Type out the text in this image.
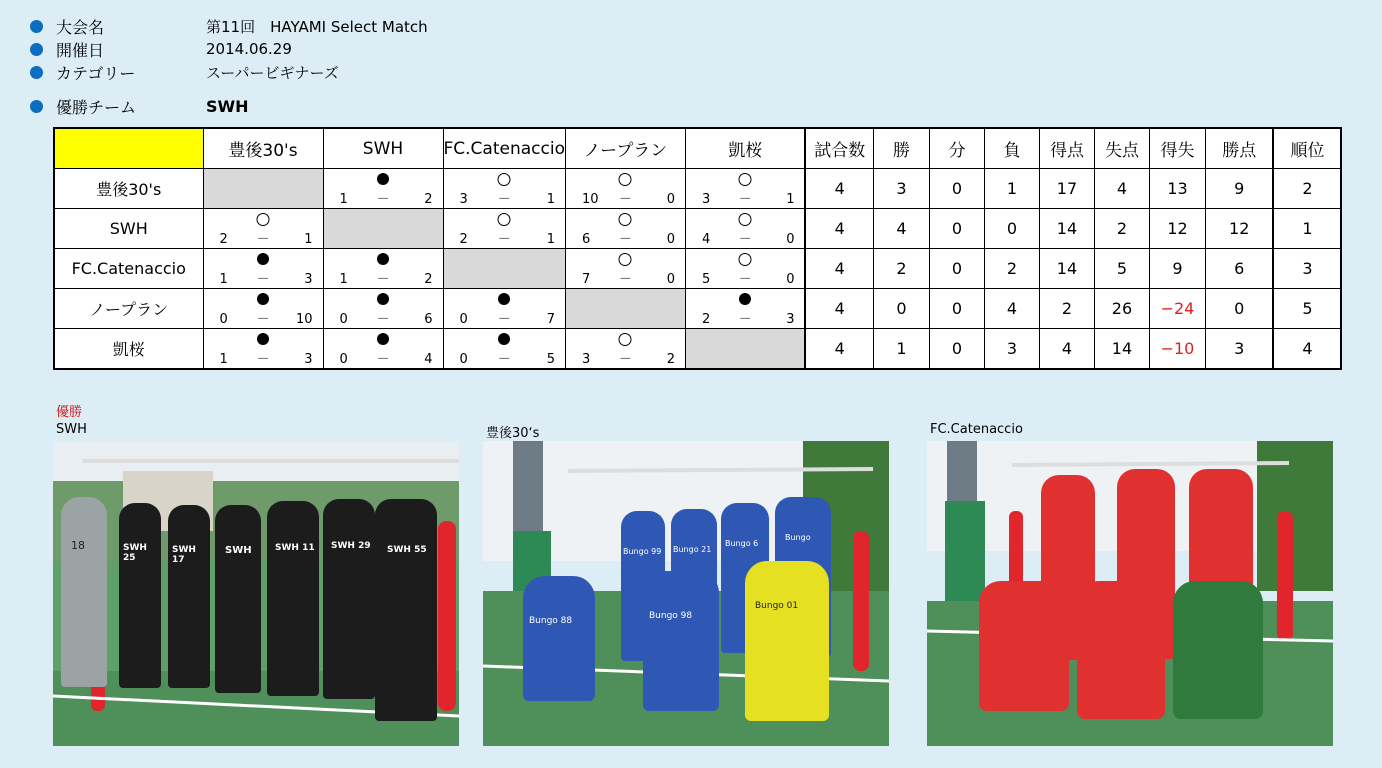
大会名	第11回　HAYAMI Select Match
開催日	2014.06.29
カテゴリー	スーパービギナーズ
優勝チーム	SWH
	豊後30's	SWH	FC.Catenaccio	ノープラン	凱桜	試合数	勝	分	負	得点	失点	得失	勝点	順位
豊後30's		1 － 2	3 － 1	10 － 0	3 － 1	4	3	0	1	17	4	13	9	2
SWH	2 － 1		2 － 1	6 － 0	4 － 0	4	4	0	0	14	2	12	12	1
FC.Catenaccio	1 － 3	1 － 2		7 － 0	5 － 0	4	2	0	2	14	5	9	6	3
ノープラン	0 － 10	0 － 6	0 － 7		2 － 3	4	0	0	4	2	26	−24	0	5
凱桜	1 － 3	0 － 4	0 － 5	3 － 2		4	1	0	3	4	14	−10	3	4
優勝
SWH	豊後30‘s	FC.Catenaccio
18	SWH 25
SWH 17
SWH	SWH 11 SWH 29 SWH 55	Bungo 99 Bungo 21
Bungo 6
Bungo
Bungo 88	Bungo 98
Bungo 01
